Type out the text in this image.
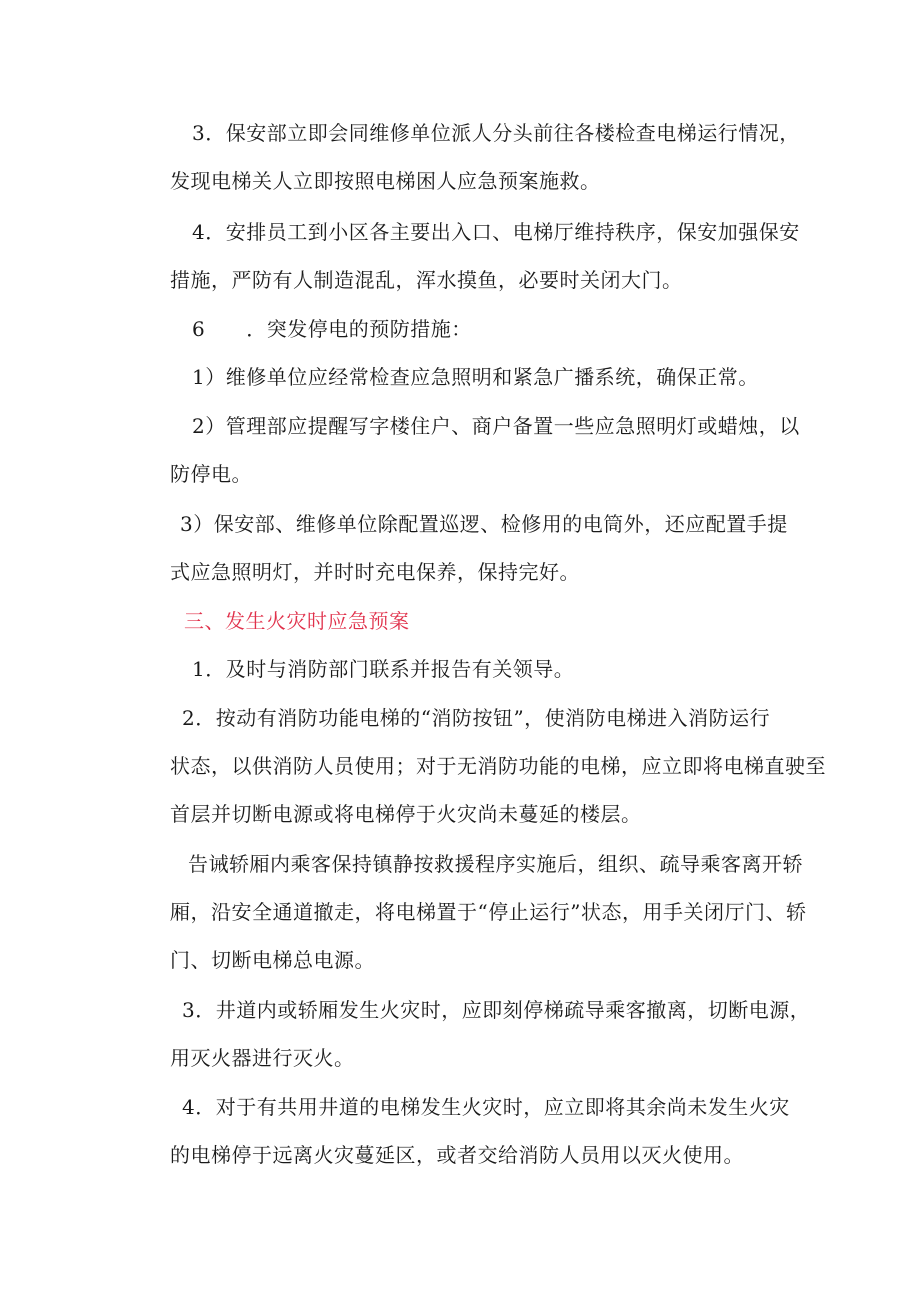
3．保安部立即会同维修单位派人分头前往各楼检查电梯运行情况，
发现电梯关人立即按照电梯困人应急预案施救。
4．安排员工到小区各主要出入口、电梯厅维持秩序，保安加强保安
措施，严防有人制造混乱，浑水摸鱼，必要时关闭大门。
6　　．突发停电的预防措施：
1）维修单位应经常检查应急照明和紧急广播系统，确保正常。
2）管理部应提醒写字楼住户、商户备置一些应急照明灯或蜡烛，以
防停电。
3）保安部、维修单位除配置巡逻、检修用的电筒外，还应配置手提
式应急照明灯，并时时充电保养，保持完好。
三、发生火灾时应急预案
1．及时与消防部门联系并报告有关领导。
2．按动有消防功能电梯的“消防按钮”，使消防电梯进入消防运行
状态，以供消防人员使用；对于无消防功能的电梯，应立即将电梯直驶至
首层并切断电源或将电梯停于火灾尚未蔓延的楼层。
告诫轿厢内乘客保持镇静按救援程序实施后，组织、疏导乘客离开轿
厢，沿安全通道撤走，将电梯置于“停止运行”状态，用手关闭厅门、轿
门、切断电梯总电源。
3．井道内或轿厢发生火灾时，应即刻停梯疏导乘客撤离，切断电源，
用灭火器进行灭火。
4．对于有共用井道的电梯发生火灾时，应立即将其余尚未发生火灾
的电梯停于远离火灾蔓延区，或者交给消防人员用以灭火使用。
